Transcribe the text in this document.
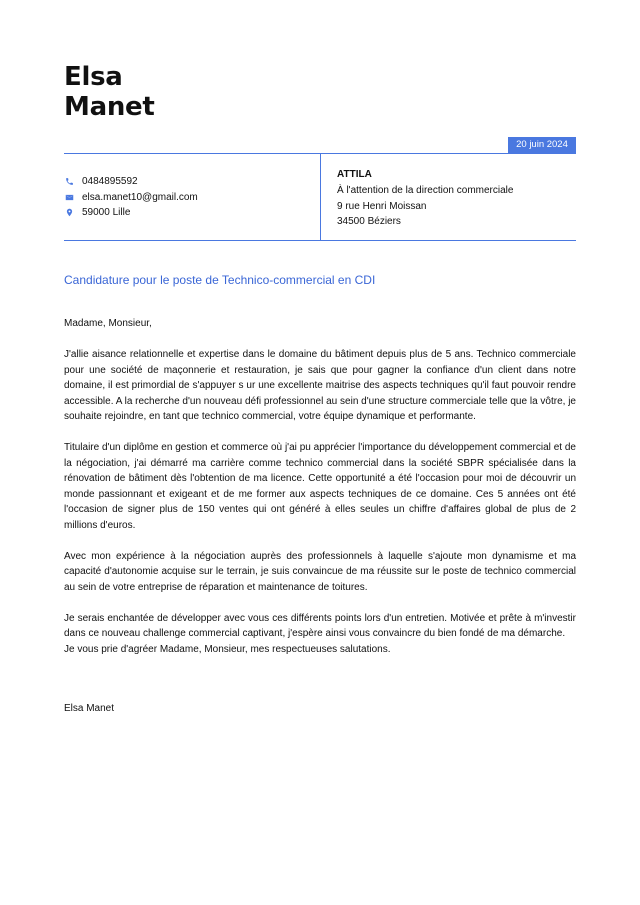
Elsa
Manet
20 juin 2024
0484895592
elsa.manet10@gmail.com
59000 Lille
ATTILA
À l'attention de la direction commerciale
9 rue Henri Moissan
34500 Béziers
Candidature pour le poste de Technico-commercial en CDI

Madame, Monsieur,

J'allie aisance relationnelle et expertise dans le domaine du bâtiment depuis plus de 5 ans. Technico commerciale pour une société de maçonnerie et restauration, je sais que pour gagner la confiance d'un client dans notre domaine, il est primordial de s'appuyer s ur une excellente maitrise des aspects techniques qu'il faut pouvoir rendre accessible. A la recherche d'un nouveau défi professionnel au sein d'une structure commerciale telle que la vôtre, je souhaite rejoindre, en tant que technico commercial, votre équipe dynamique et performante.

Titulaire d'un diplôme en gestion et commerce où j'ai pu apprécier l'importance du développement commercial et de la négociation, j'ai démarré ma carrière comme technico commercial dans la société SBPR spécialisée dans la rénovation de bâtiment dès l'obtention de ma licence. Cette opportunité a été l'occasion pour moi de découvrir un monde passionnant et exigeant et de me former aux aspects techniques de ce domaine. Ces 5 années ont été l'occasion de signer plus de 150 ventes qui ont généré à elles seules un chiffre d'affaires global de plus de 2 millions d'euros.

Avec mon expérience à la négociation auprès des professionnels à laquelle s'ajoute mon dynamisme et ma capacité d'autonomie acquise sur le terrain, je suis convaincue de ma réussite sur le poste de technico commercial au sein de votre entreprise de réparation et maintenance de toitures.

Je serais enchantée de développer avec vous ces différents points lors d'un entretien. Motivée et prête à m'investir dans ce nouveau challenge commercial captivant, j'espère ainsi vous convaincre du bien fondé de ma démarche.

Je vous prie d'agréer Madame, Monsieur, mes respectueuses salutations.

Elsa Manet
